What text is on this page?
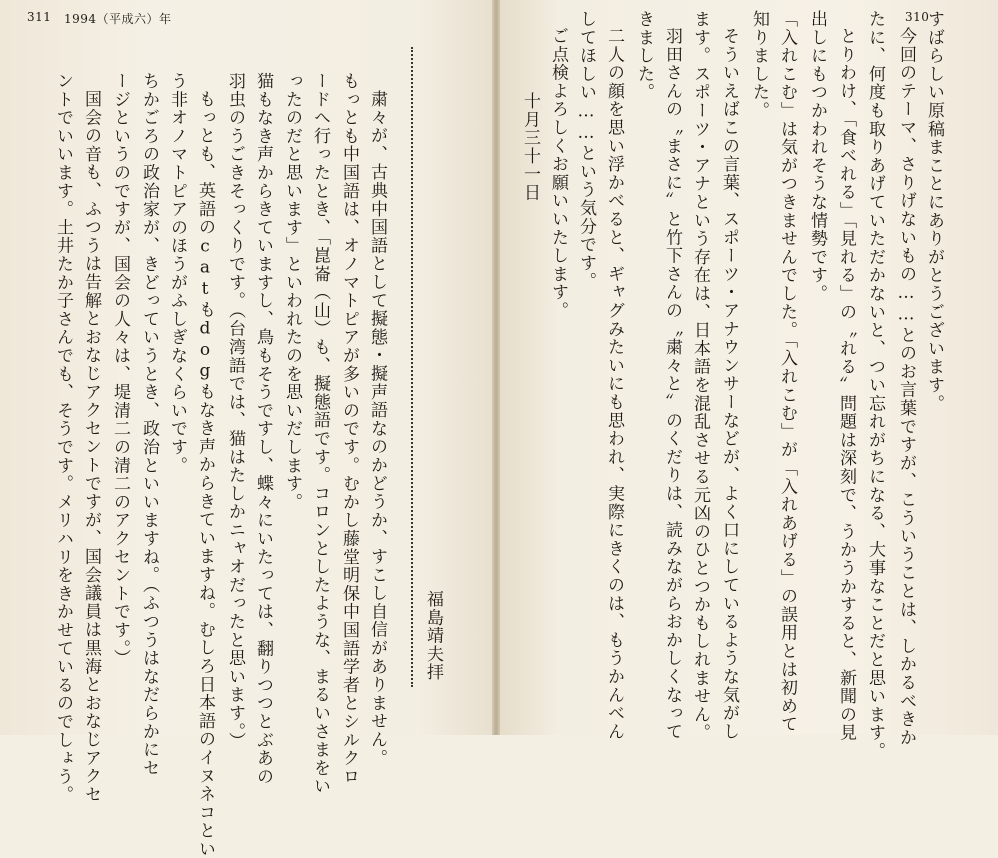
311 1994（平成六）年	310
すばらしい原稿まことにありがとうございます。
今回のテーマ、さりげないもの……とのお言葉ですが、こういうことは、しかるべきか
たに、何度も取りあげていただかないと、つい忘れがちになる、大事なことだと思います。
とりわけ、「食べれる」「見れる」の〝れる〟問題は深刻で、うかうかすると、新聞の見
出しにもつかわれそうな情勢です。
「入れこむ」は気がつきませんでした。「入れこむ」が「入れあげる」の誤用とは初めて
知りました。
そういえばこの言葉、スポーツ・アナウンサーなどが、よく口にしているような気がし
ます。スポーツ・アナという存在は、日本語を混乱させる元凶のひとつかもしれません。
羽田さんの〝まさに〟と竹下さんの〝粛々と〟のくだりは、読みながらおかしくなって
きました。
二人の顔を思い浮かべると、ギャグみたいにも思われ、実際にきくのは、もうかんべん
してほしい……という気分です。
ご点検よろしくお願いいたします。
十月三十一日
福島靖夫拝
粛々が、古典中国語として擬態・擬声語なのかどうか、すこし自信がありません。
もっとも中国語は、オノマトピアが多いのです。むかし藤堂明保中国語学者とシルクロ
ードへ行ったとき、「崑崙（山）も、擬態語です。コロンとしたような、まるいさまをい
ったのだと思います」といわれたのを思いだします。
猫もなき声からきていますし、鳥もそうですし、蝶々にいたっては、翻りつつとぶあの
羽虫のうごきそっくりです。（台湾語では、猫はたしかニャオだったと思います。）
もっとも、英語のcatもdogもなき声からきていますね。むしろ日本語のイヌネコとい
う非オノマトピアのほうがふしぎなくらいです。
ちかごろの政治家が、きどっていうとき、政治といいますね。（ふつうはなだらかにセ
ージというのですが、国会の人々は、堤清二の清二のアクセントです。）
国会の音も、ふつうは告解とおなじアクセントですが、国会議員は黒海とおなじアクセ
ントでいいます。土井たか子さんでも、そうです。メリハリをきかせているのでしょう。
